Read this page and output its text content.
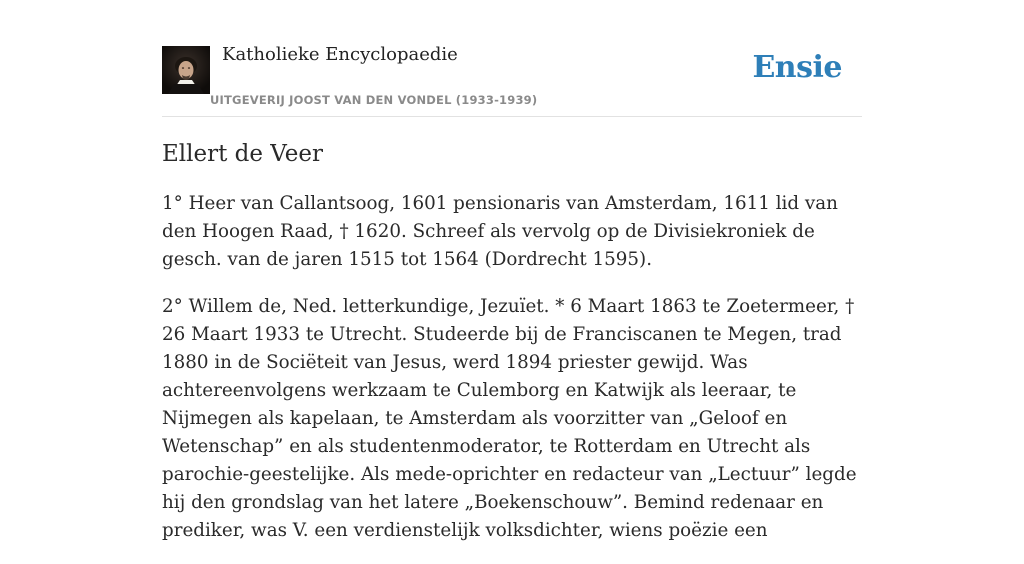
Katholieke Encyclopaedie
UITGEVERIJ JOOST VAN DEN VONDEL (1933-1939)
Ensie
Ellert de Veer

1° Heer van Callantsoog, 1601 pensionaris van Amsterdam, 1611 lid van den Hoogen Raad, † 1620. Schreef als vervolg op de Divisiekroniek de gesch. van de jaren 1515 tot 1564 (Dordrecht 1595).

2° Willem de, Ned. letterkundige, Jezuïet. * 6 Maart 1863 te Zoetermeer, † 26 Maart 1933 te Utrecht. Studeerde bij de Franciscanen te Megen, trad 1880 in de Sociëteit van Jesus, werd 1894 priester gewijd. Was achtereenvolgens werkzaam te Culemborg en Katwijk als leeraar, te Nijmegen als kapelaan, te Amsterdam als voorzitter van „Geloof en Wetenschap” en als studentenmoderator, te Rotterdam en Utrecht als parochie-geestelijke. Als mede-oprichter en redacteur van „Lectuur” legde hij den grondslag van het latere „Boekenschouw”. Bemind redenaar en prediker, was V. een verdienstelijk volksdichter, wiens poëzie een
